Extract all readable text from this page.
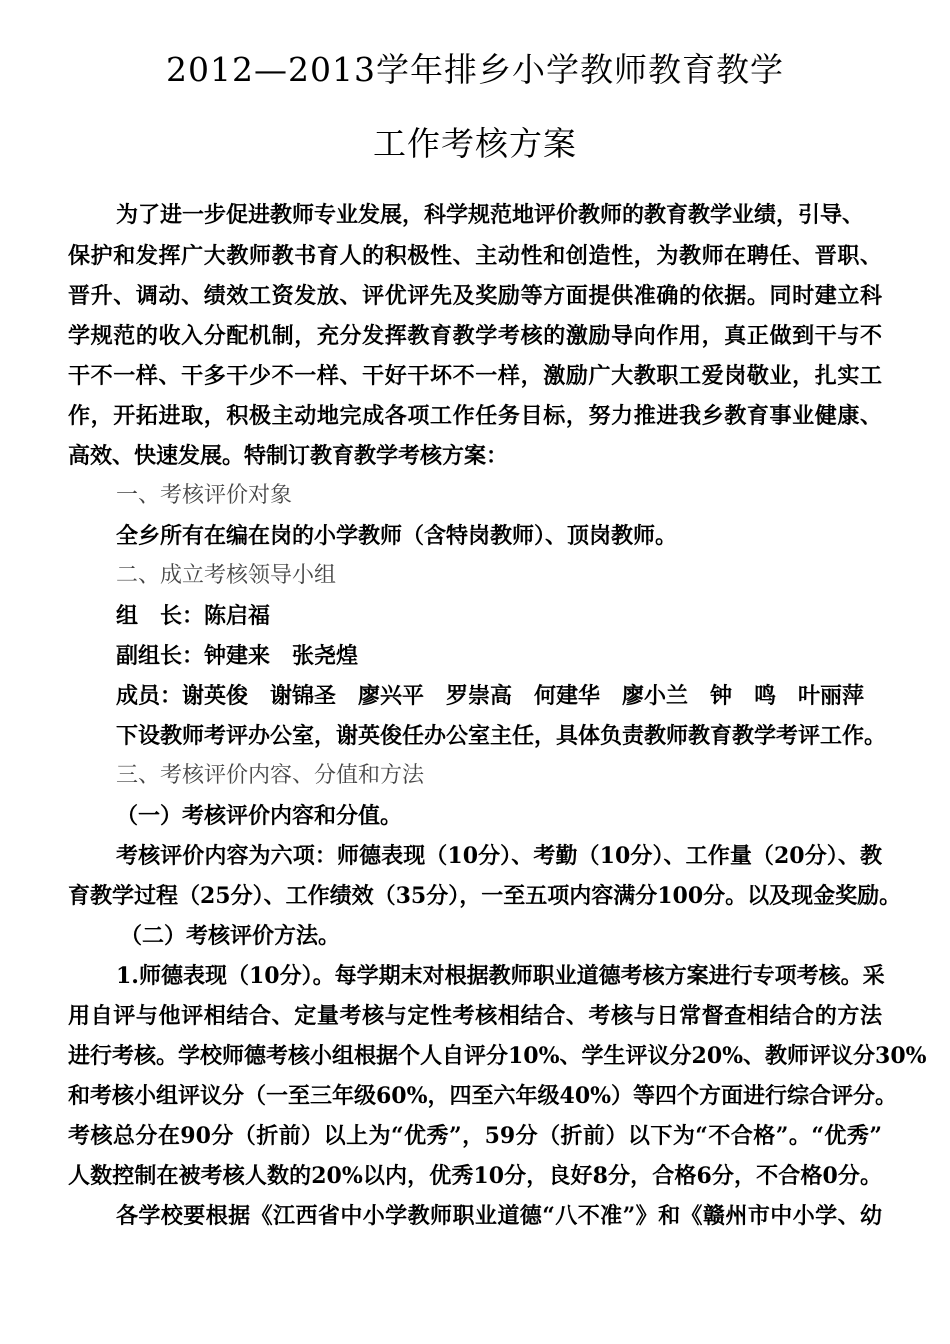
2012—2013学年排乡小学教师教育教学
工作考核方案
为了进一步促进教师专业发展，科学规范地评价教师的教育教学业绩，引导、
保护和发挥广大教师教书育人的积极性、主动性和创造性，为教师在聘任、晋职、
晋升、调动、绩效工资发放、评优评先及奖励等方面提供准确的依据。同时建立科
学规范的收入分配机制，充分发挥教育教学考核的激励导向作用，真正做到干与不
干不一样、干多干少不一样、干好干坏不一样，激励广大教职工爱岗敬业，扎实工
作，开拓进取，积极主动地完成各项工作任务目标，努力推进我乡教育事业健康、
高效、快速发展。特制订教育教学考核方案：
一、考核评价对象
全乡所有在编在岗的小学教师（含特岗教师）、顶岗教师。
二、成立考核领导小组
组　长：陈启福
副组长：钟建来　张尧煌
成员：谢英俊　谢锦圣　廖兴平　罗崇高　何建华　廖小兰　钟　鸣　叶丽萍
下设教师考评办公室，谢英俊任办公室主任，具体负责教师教育教学考评工作。
三、考核评价内容、分值和方法
（一）考核评价内容和分值。
考核评价内容为六项：师德表现（10分）、考勤（10分）、工作量（20分）、教
育教学过程（25分）、工作绩效（35分），一至五项内容满分100分。以及现金奖励。
（二）考核评价方法。
1.师德表现（10分）。每学期末对根据教师职业道德考核方案进行专项考核。采
用自评与他评相结合、定量考核与定性考核相结合、考核与日常督查相结合的方法
进行考核。学校师德考核小组根据个人自评分10%、学生评议分20%、教师评议分30%
和考核小组评议分（一至三年级60%，四至六年级40%）等四个方面进行综合评分。
考核总分在90分（折前）以上为“优秀”，59分（折前）以下为“不合格”。“优秀”
人数控制在被考核人数的20%以内，优秀10分，良好8分，合格6分，不合格0分。
各学校要根据《江西省中小学教师职业道德“八不准”》和《赣州市中小学、幼
